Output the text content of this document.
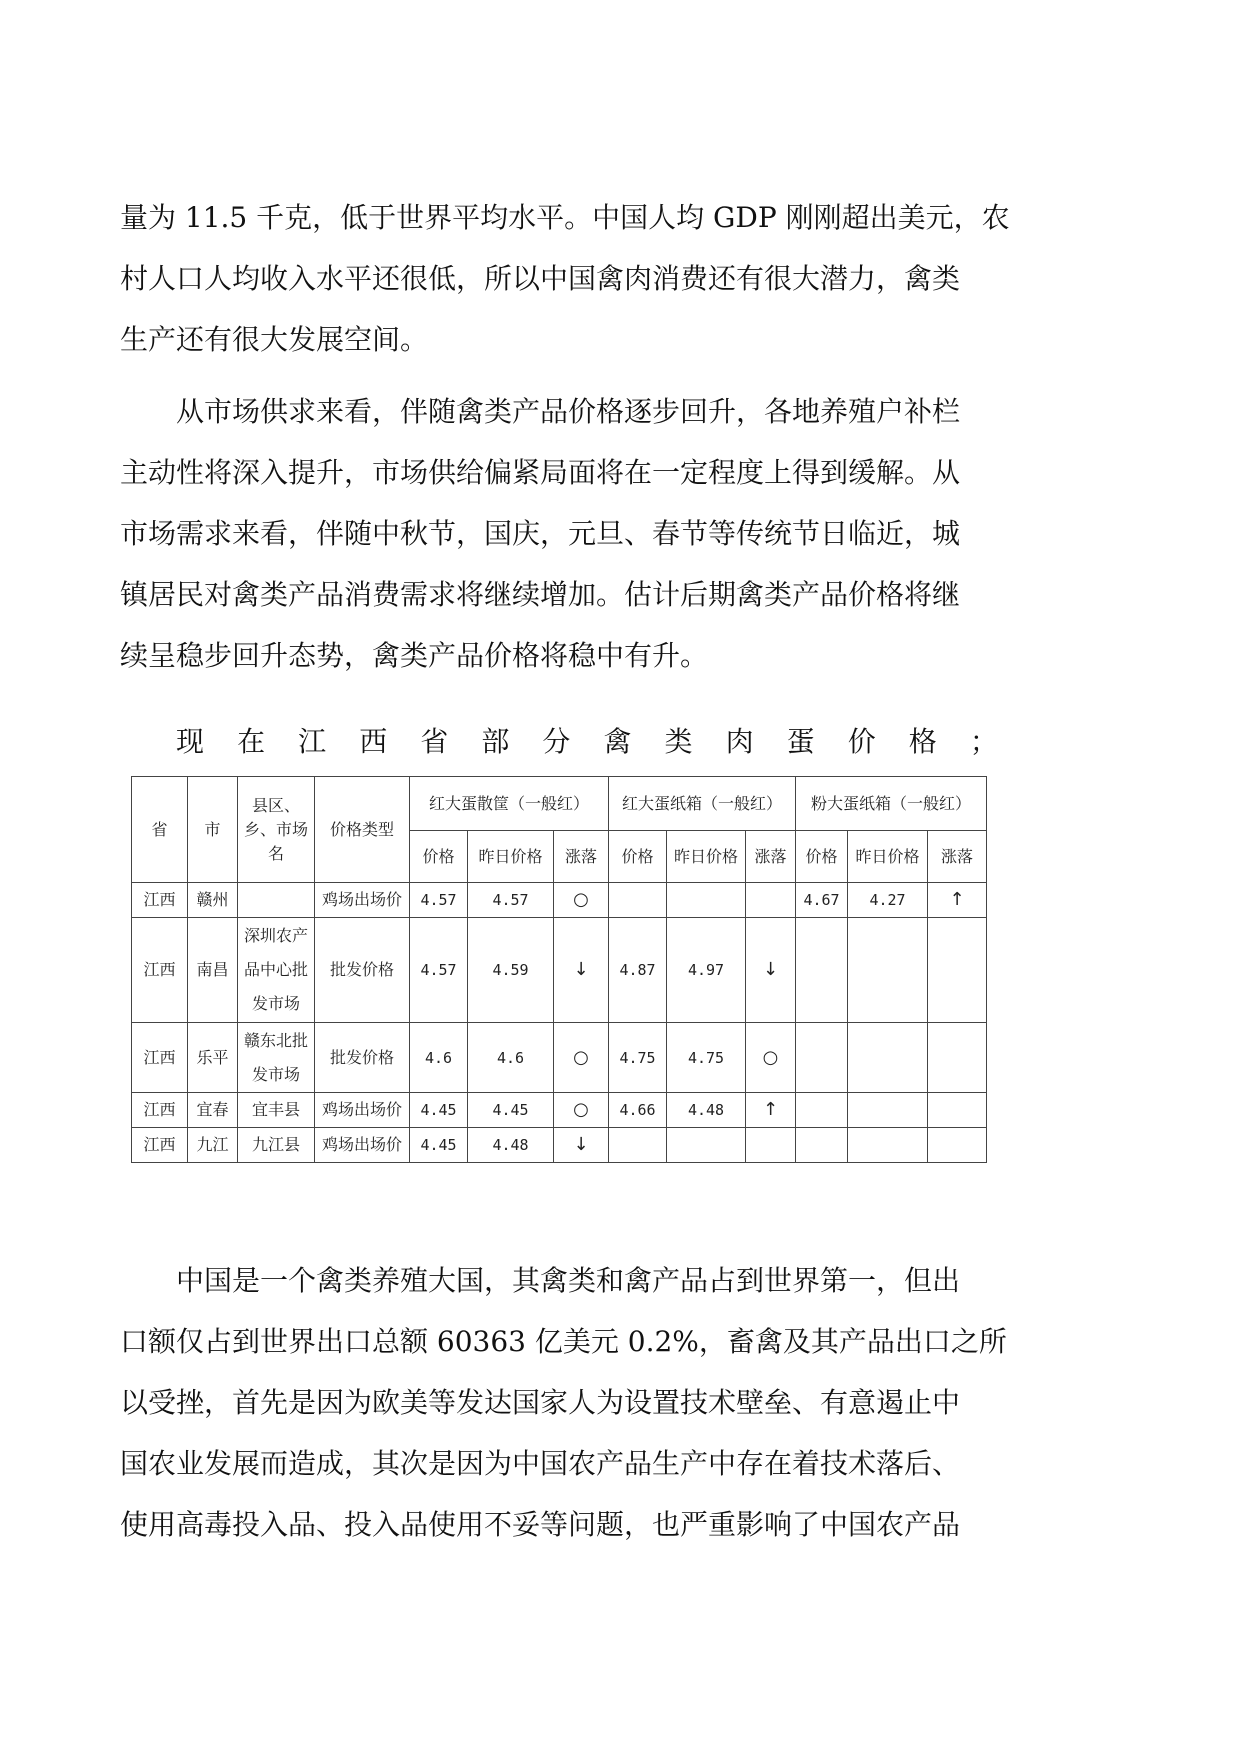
量为 11.5 千克，低于世界平均水平。中国人均 GDP 刚刚超出美元，农
村人口人均收入水平还很低，所以中国禽肉消费还有很大潜力，禽类
生产还有很大发展空间。

从市场供求来看，伴随禽类产品价格逐步回升，各地养殖户补栏
主动性将深入提升，市场供给偏紧局面将在一定程度上得到缓解。从
市场需求来看，伴随中秋节，国庆，元旦、春节等传统节日临近，城
镇居民对禽类产品消费需求将继续增加。估计后期禽类产品价格将继
续呈稳步回升态势，禽类产品价格将稳中有升。

现 在 江 西 省 部 分 禽 类 肉 蛋 价 格 ；
省	市	县区、乡、市场名	价格类型	红大蛋散筐（一般红）			红大蛋纸箱（一般红）			粉大蛋纸箱（一般红）		
				价格	昨日价格	涨落	价格	昨日价格	涨落	价格	昨日价格	涨落
江西	赣州		鸡场出场价	4.57	4.57	○				4.67	4.27	↑
江西	南昌	深圳农产品中心批发市场	批发价格	4.57	4.59	↓	4.87	4.97	↓			
江西	乐平	赣东北批发市场	批发价格	4.6	4.6	○	4.75	4.75	○			
江西	宜春	宜丰县	鸡场出场价	4.45	4.45	○	4.66	4.48	↑			
江西	九江	九江县	鸡场出场价	4.45	4.48	↓						

中国是一个禽类养殖大国，其禽类和禽产品占到世界第一，但出
口额仅占到世界出口总额 60363 亿美元 0.2%，畜禽及其产品出口之所
以受挫，首先是因为欧美等发达国家人为设置技术壁垒、有意遏止中
国农业发展而造成，其次是因为中国农产品生产中存在着技术落后、
使用高毒投入品、投入品使用不妥等问题，也严重影响了中国农产品
